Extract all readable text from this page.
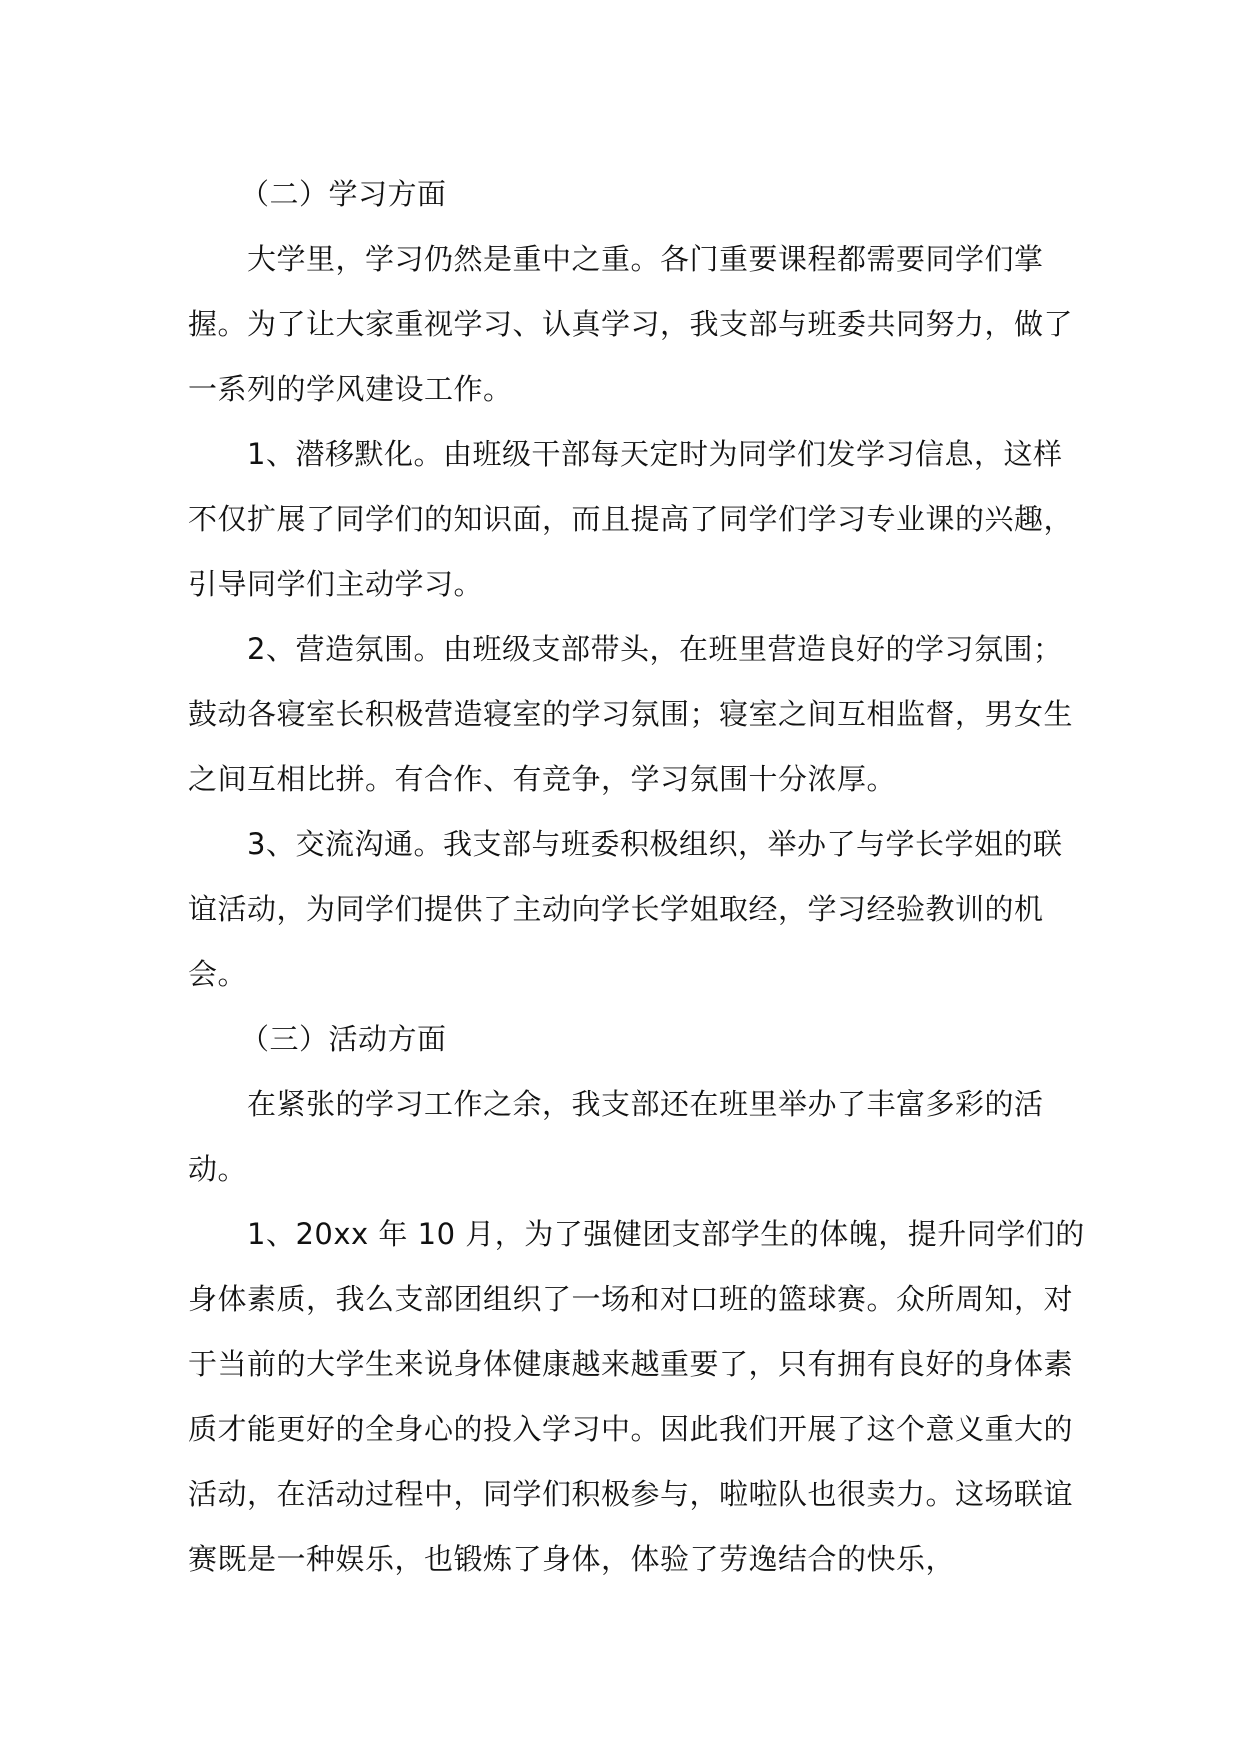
（二）学习方面

大学里，学习仍然是重中之重。各门重要课程都需要同学们掌握。为了让大家重视学习、认真学习，我支部与班委共同努力，做了一系列的学风建设工作。

1、潜移默化。由班级干部每天定时为同学们发学习信息，这样不仅扩展了同学们的知识面，而且提高了同学们学习专业课的兴趣，引导同学们主动学习。

2、营造氛围。由班级支部带头，在班里营造良好的学习氛围；鼓动各寝室长积极营造寝室的学习氛围；寝室之间互相监督，男女生之间互相比拼。有合作、有竞争，学习氛围十分浓厚。

3、交流沟通。我支部与班委积极组织，举办了与学长学姐的联谊活动，为同学们提供了主动向学长学姐取经，学习经验教训的机会。

（三）活动方面

在紧张的学习工作之余，我支部还在班里举办了丰富多彩的活动。

1、20xx 年 10 月，为了强健团支部学生的体魄，提升同学们的身体素质，我么支部团组织了一场和对口班的篮球赛。众所周知，对于当前的大学生来说身体健康越来越重要了，只有拥有良好的身体素质才能更好的全身心的投入学习中。因此我们开展了这个意义重大的活动，在活动过程中，同学们积极参与，啦啦队也很卖力。这场联谊赛既是一种娱乐，也锻炼了身体，体验了劳逸结合的快乐，
